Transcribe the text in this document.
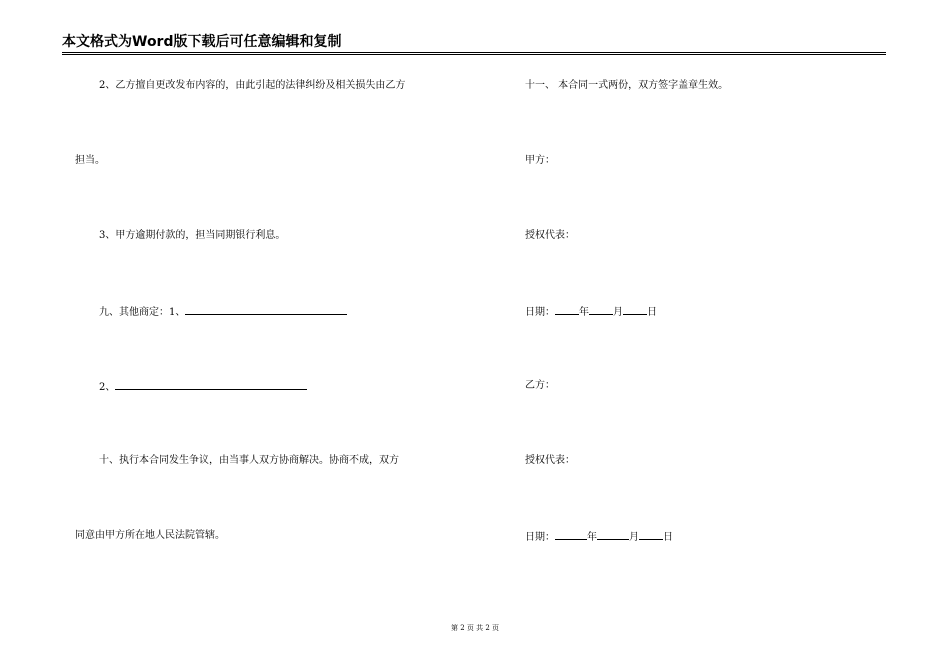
本文格式为Word版下载后可任意编辑和复制
2、乙方擅自更改发布内容的，由此引起的法律纠纷及相关损失由乙方
担当。
3、甲方逾期付款的，担当同期银行利息。
九、其他商定：1、
2、
十、执行本合同发生争议，由当事人双方协商解决。协商不成，双方
同意由甲方所在地人民法院管辖。
十一、 本合同一式两份，双方签字盖章生效。
甲方：
授权代表：
日期： 年 月 日
乙方：
授权代表：
日期：	年	月 日
第 2 页 共 2 页
